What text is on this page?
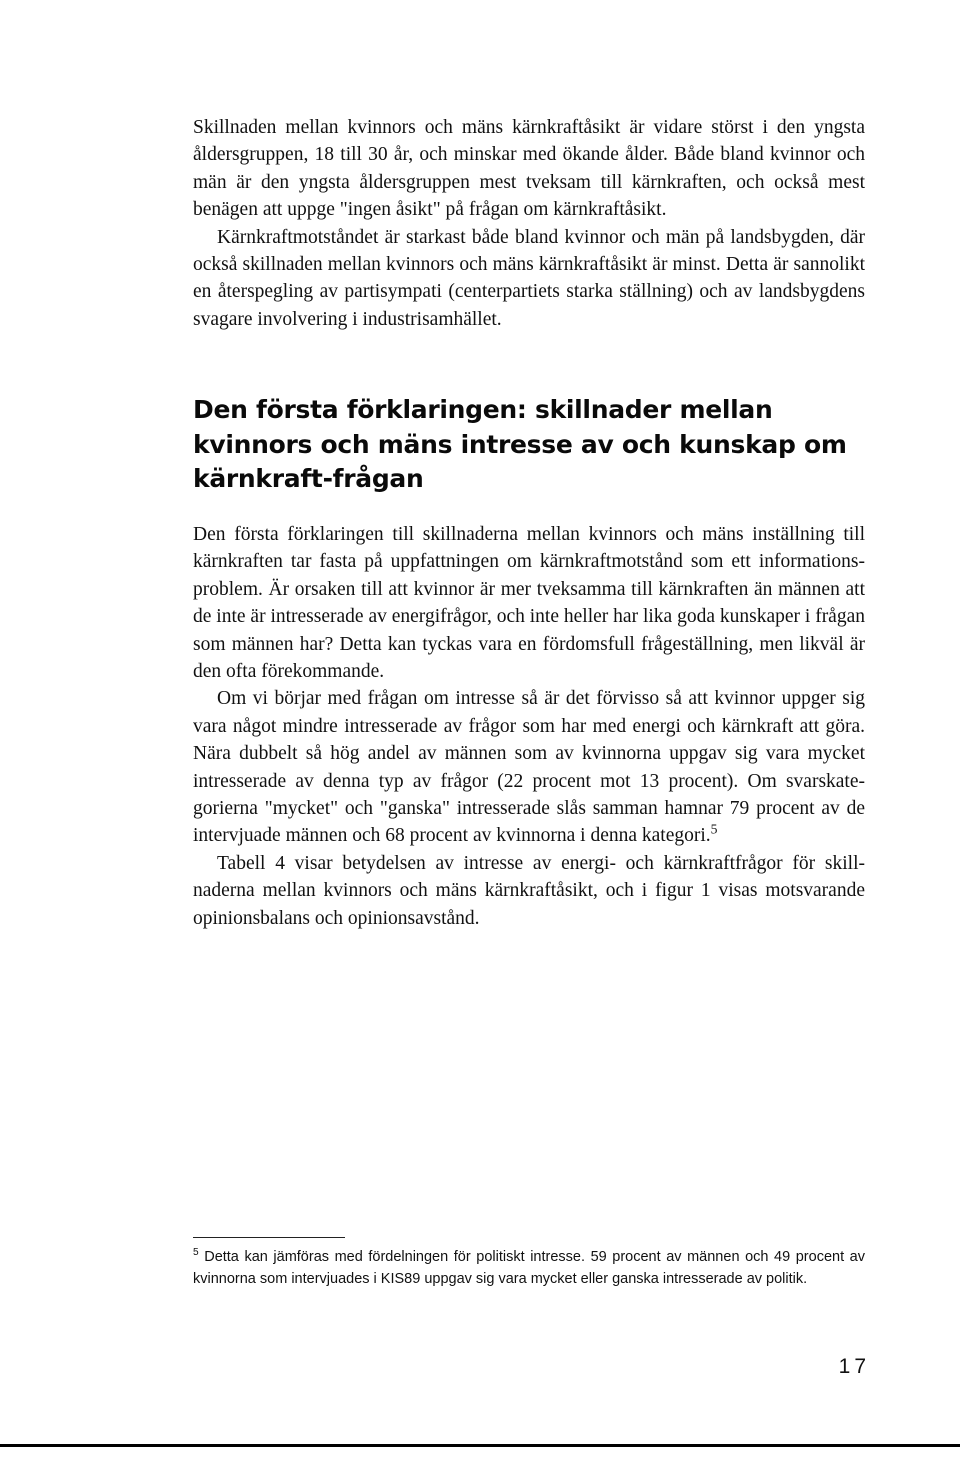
Skillnaden mellan kvinnors och mäns kärnkraftåsikt är vidare störst i den yngsta åldersgruppen, 18 till 30 år, och minskar med ökande ålder. Både bland kvinnor och män är den yngsta åldersgruppen mest tveksam till kärnkraften, och också mest benägen att uppge "ingen åsikt" på frågan om kärnkraftåsikt.

Kärnkraftmotståndet är starkast både bland kvinnor och män på landsbygden, där också skillnaden mellan kvinnors och mäns kärnkraftåsikt är minst. Detta är sannolikt en återspegling av partisympati (centerpartiets starka ställning) och av landsbygdens svagare involvering i industrisamhället.

Den första förklaringen: skillnader mellan kvinnors och mäns intresse av och kunskap om kärnkraft-frågan

Den första förklaringen till skillnaderna mellan kvinnors och mäns inställning till kärnkraften tar fasta på uppfattningen om kärnkraftmotstånd som ett informations-problem. Är orsaken till att kvinnor är mer tveksamma till kärnkraften än männen att de inte är intresserade av energifrågor, och inte heller har lika goda kunskaper i frågan som männen har? Detta kan tyckas vara en fördomsfull frågeställning, men likväl är den ofta förekommande.

Om vi börjar med frågan om intresse så är det förvisso så att kvinnor uppger sig vara något mindre intresserade av frågor som har med energi och kärnkraft att göra. Nära dubbelt så hög andel av männen som av kvinnorna uppgav sig vara mycket intresserade av denna typ av frågor (22 procent mot 13 procent). Om svarskate-gorierna "mycket" och "ganska" intresserade slås samman hamnar 79 procent av de intervjuade männen och 68 procent av kvinnorna i denna kategori.$^5$

Tabell 4 visar betydelsen av intresse av energi- och kärnkraftfrågor för skill-naderna mellan kvinnors och mäns kärnkraftåsikt, och i figur 1 visas motsvarande opinionsbalans och opinionsavstånd.

$^5$ Detta kan jämföras med fördelningen för politiskt intresse. 59 procent av männen och 49 procent av kvinnorna som intervjuades i KIS89 uppgav sig vara mycket eller ganska intresserade av politik.

17
